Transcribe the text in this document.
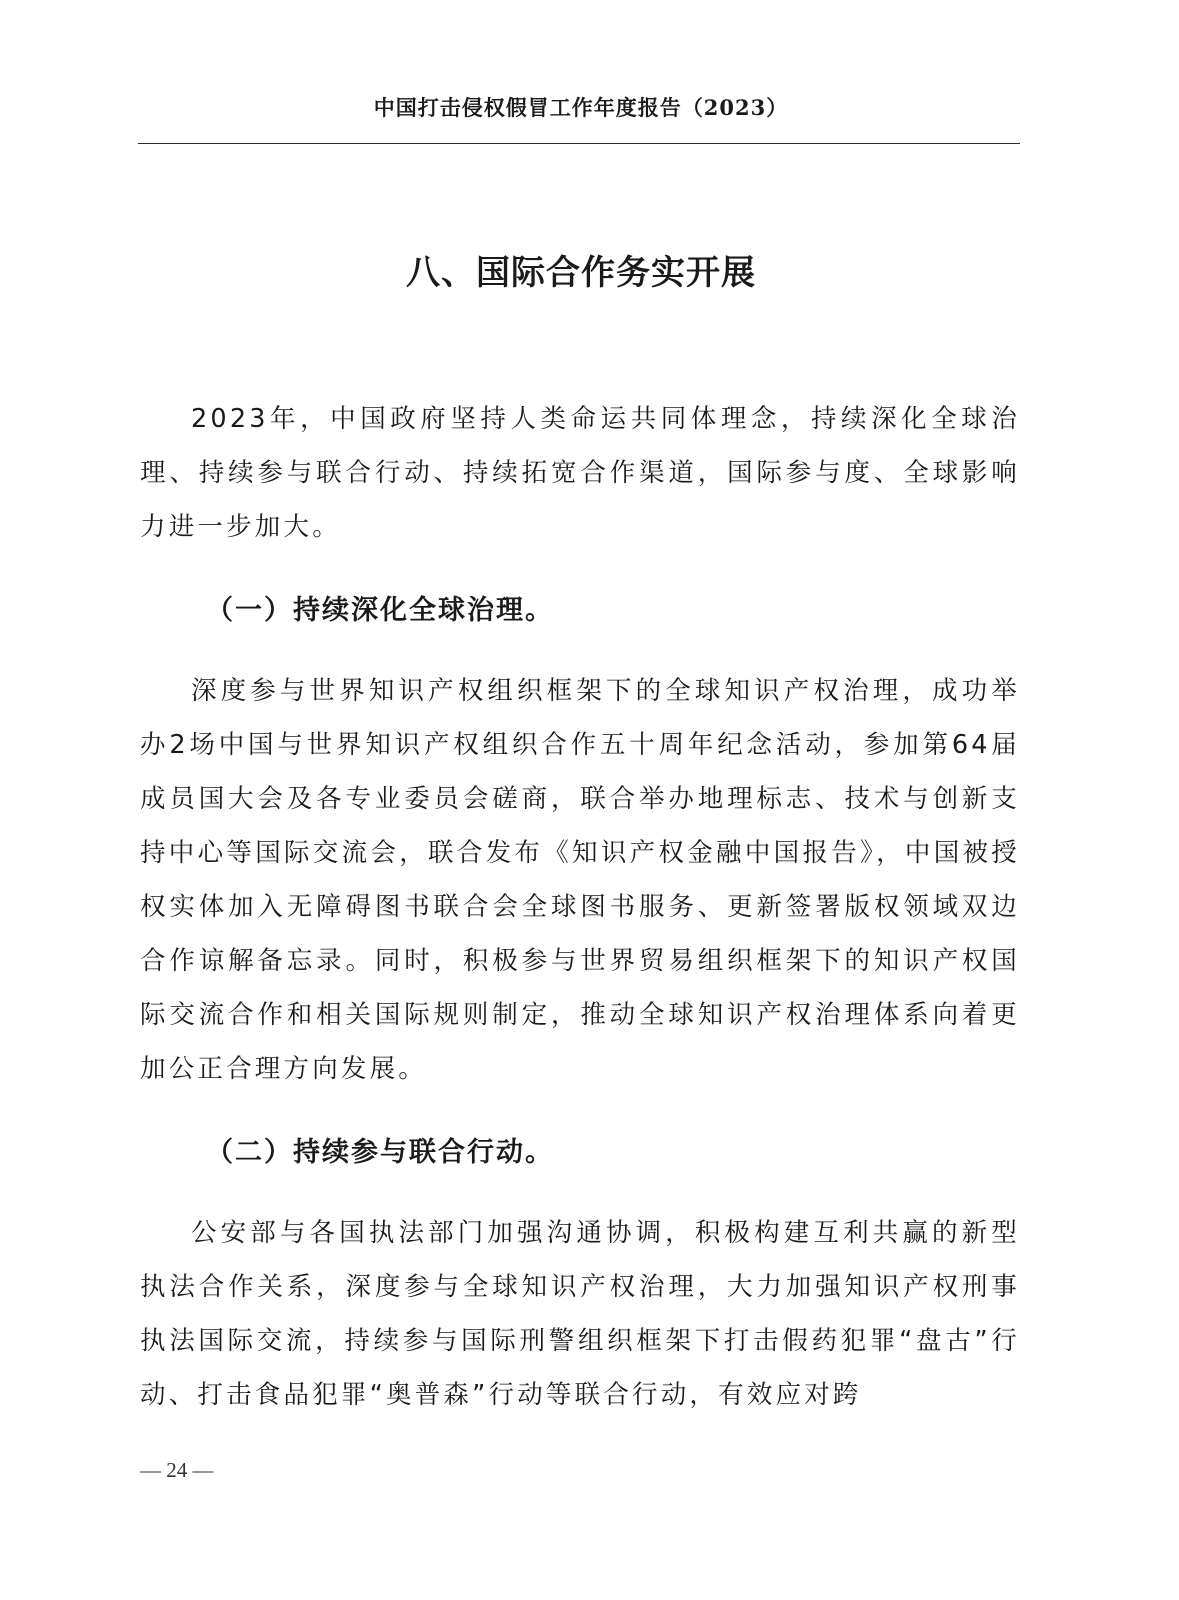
中国打击侵权假冒工作年度报告（2023）
八、国际合作务实开展

2023年，中国政府坚持人类命运共同体理念，持续深化全球治理、持续参与联合行动、持续拓宽合作渠道，国际参与度、全球影响力进一步加大。

（一）持续深化全球治理。

深度参与世界知识产权组织框架下的全球知识产权治理，成功举办2场中国与世界知识产权组织合作五十周年纪念活动，参加第64届成员国大会及各专业委员会磋商，联合举办地理标志、技术与创新支持中心等国际交流会，联合发布《知识产权金融中国报告》，中国被授权实体加入无障碍图书联合会全球图书服务、更新签署版权领域双边合作谅解备忘录。同时，积极参与世界贸易组织框架下的知识产权国际交流合作和相关国际规则制定，推动全球知识产权治理体系向着更加公正合理方向发展。

（二）持续参与联合行动。

公安部与各国执法部门加强沟通协调，积极构建互利共赢的新型执法合作关系，深度参与全球知识产权治理，大力加强知识产权刑事执法国际交流，持续参与国际刑警组织框架下打击假药犯罪“盘古”行动、打击食品犯罪“奥普森”行动等联合行动，有效应对跨

— 24 —
